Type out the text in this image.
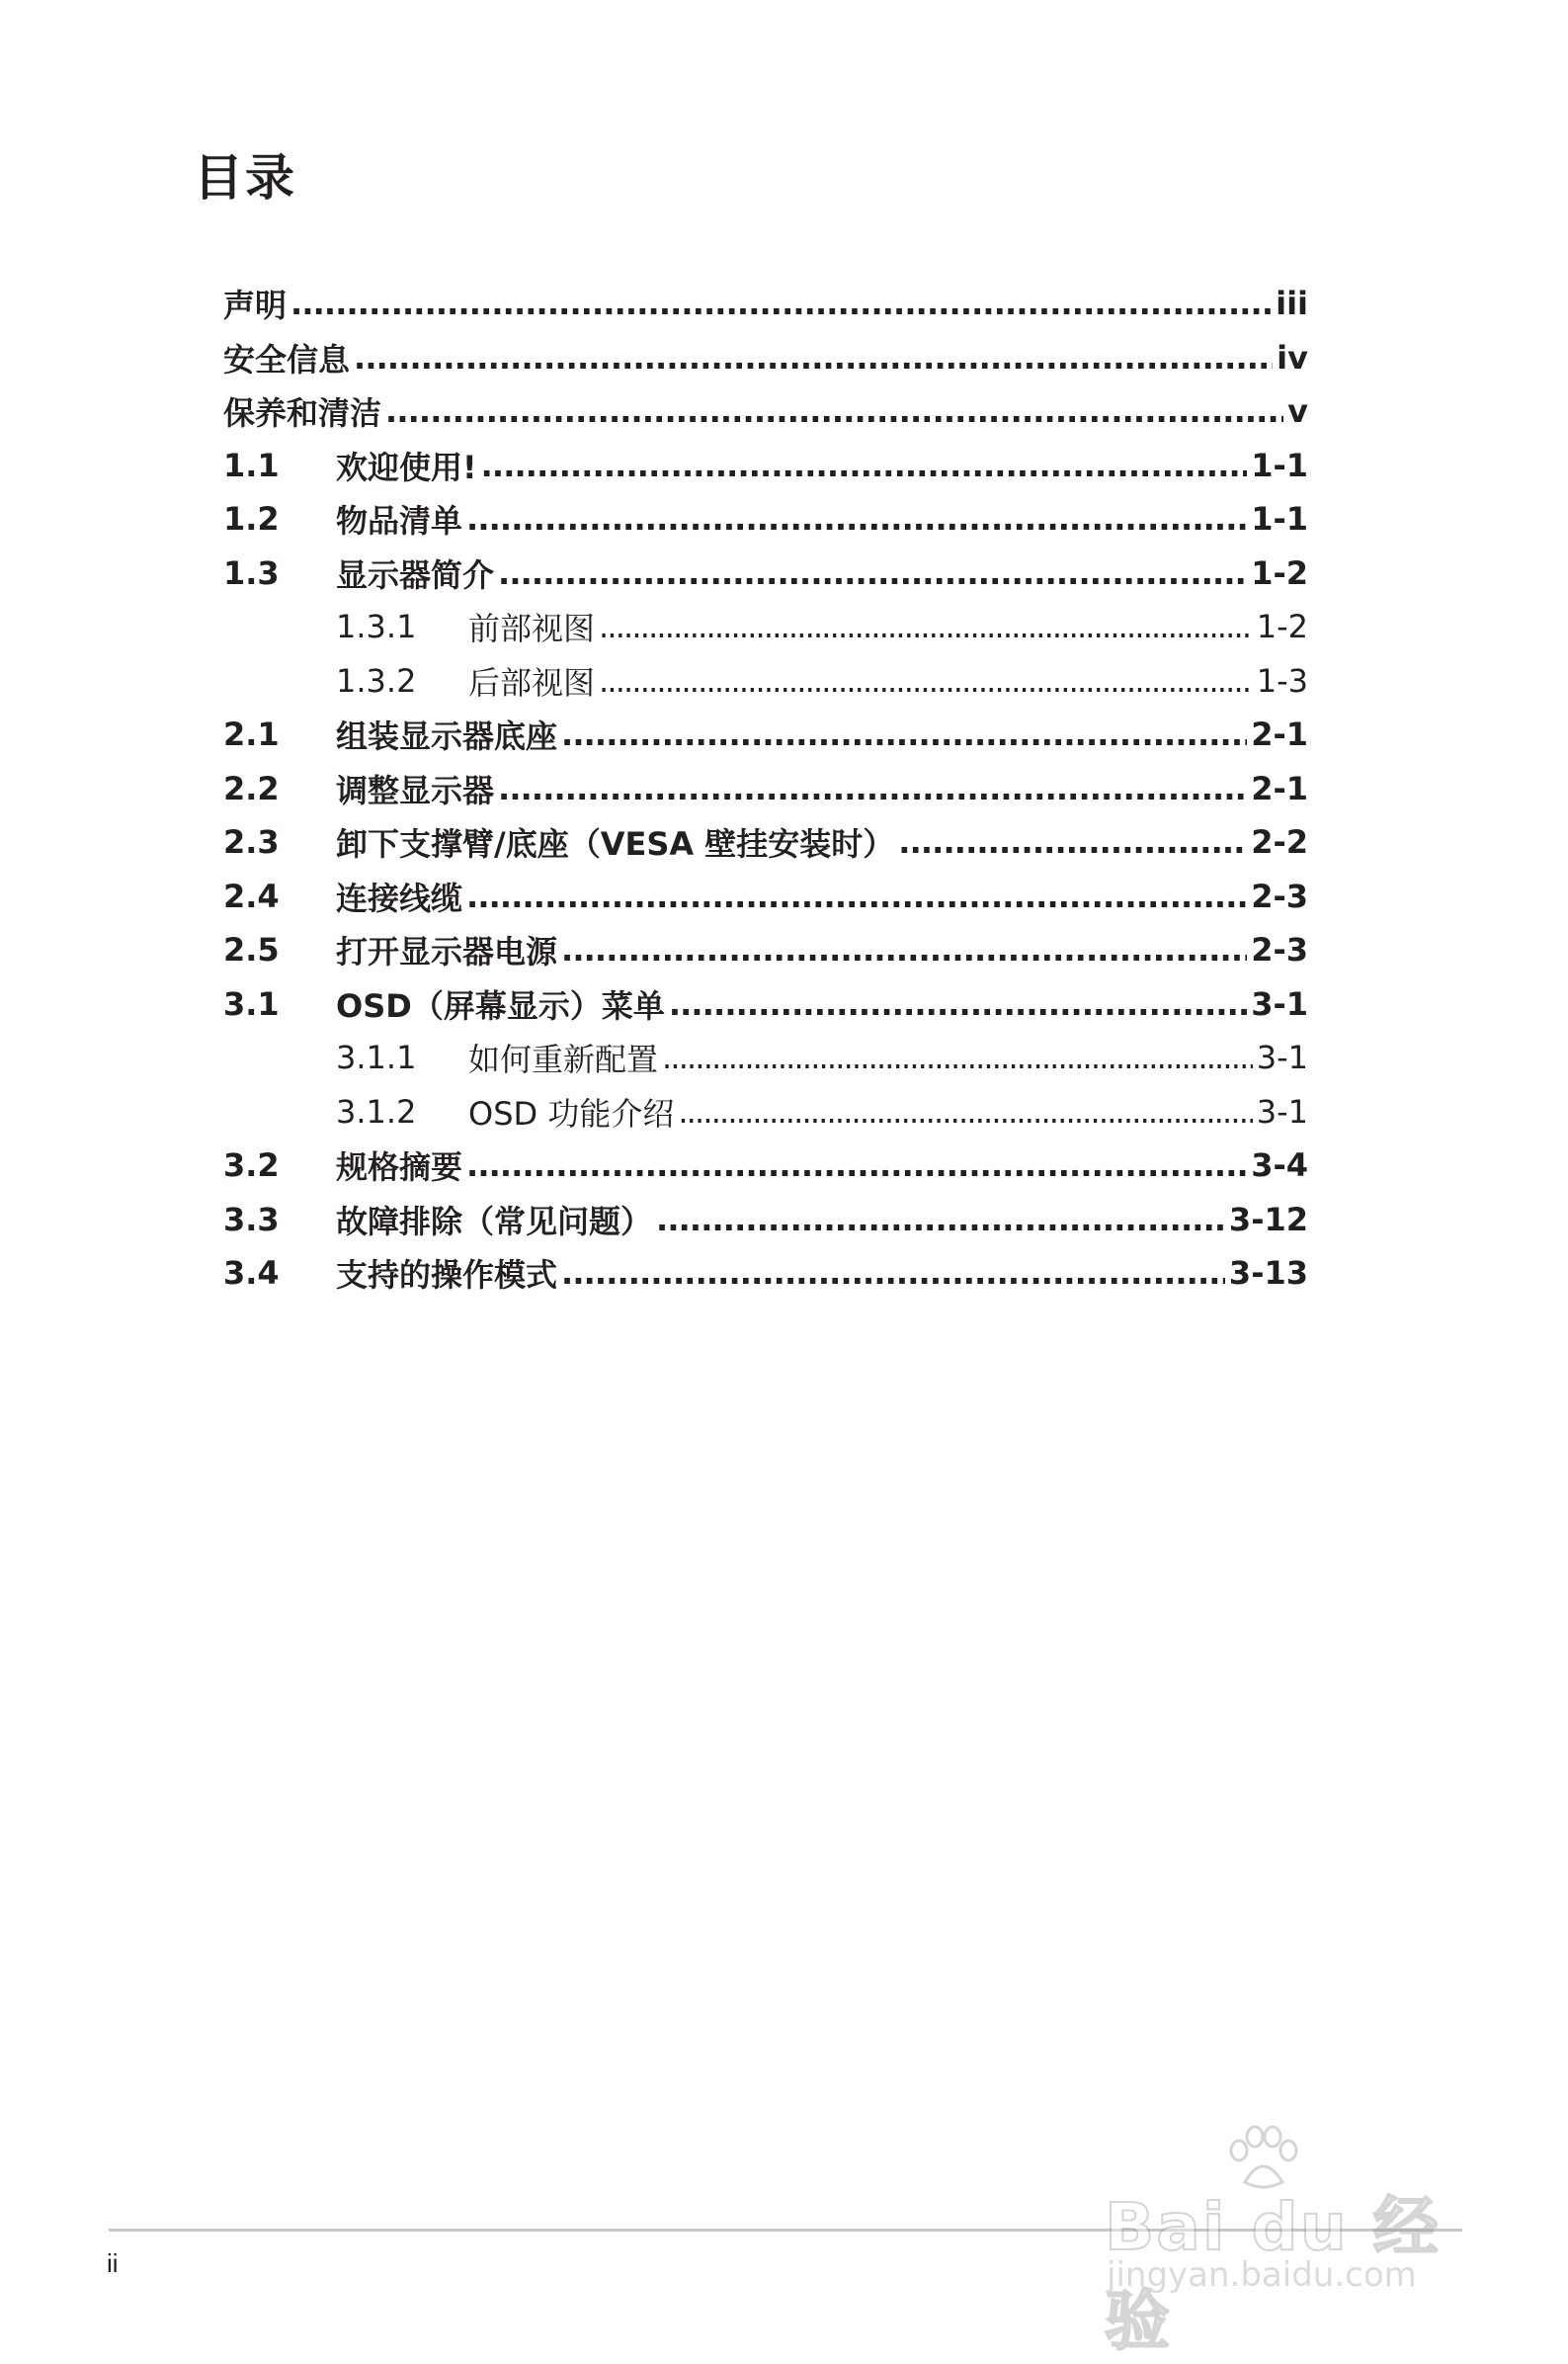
目录
声明 . . .	iii
安全信息 . . .	iv
保养和清洁 . . .	v
1.1	欢迎使用! . . .	1-1
1.2	物品清单 . . .	1-1
1.3	显示器简介 . . .	1-2
1.3.1	前部视图 . . .	1-2
1.3.2	后部视图 . . .	1-3
2.1	组装显示器底座 . . .	2-1
2.2	调整显示器 . . .	2-1
2.3	卸下支撑臂/底座（VESA 壁挂安装时） . . .	2-2
2.4	连接线缆 . . .	2-3
2.5	打开显示器电源 . . .	2-3
3.1	OSD（屏幕显示）菜单 . . .	3-1
3.1.1	如何重新配置 . . .	3-1
3.1.2	OSD 功能介绍 . . .	3-1
3.2	规格摘要 . . .	3-4
3.3	故障排除（常见问题） . . .	3-12
3.4	支持的操作模式 . . .	3-13
ii	Bai du 经验
jingyan.baidu.com
